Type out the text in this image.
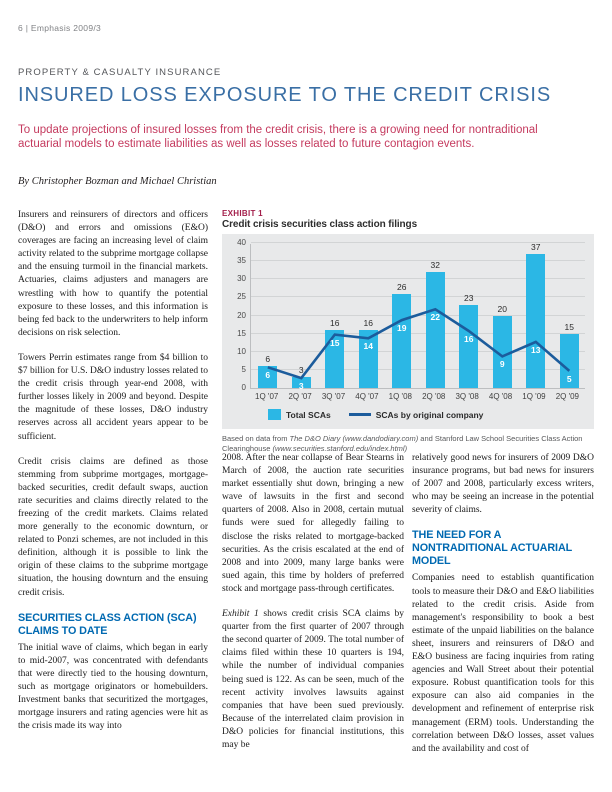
6 | Emphasis 2009/3
PROPERTY & CASUALTY INSURANCE
INSURED LOSS EXPOSURE TO THE CREDIT CRISIS
To update projections of insured losses from the credit crisis, there is a growing need for nontraditional actuarial models to estimate liabilities as well as losses related to future contagion events.
By Christopher Bozman and Michael Christian

Insurers and reinsurers of directors and officers (D&O) and errors and omissions (E&O) coverages are facing an increasing level of claim activity related to the subprime mortgage collapse and the ensuing turmoil in the financial markets. Actuaries, claims adjusters and managers are wrestling with how to quantify the potential exposure to these losses, and this information is being fed back to the underwriters to help inform decisions on risk selection.

Towers Perrin estimates range from $4 billion to $7 billion for U.S. D&O industry losses related to the credit crisis through year-end 2008, with further losses likely in 2009 and beyond. Despite the magnitude of these losses, D&O industry reserves across all accident years appear to be sufficient.

Credit crisis claims are defined as those stemming from subprime mortgages, mortgage-backed securities, credit default swaps, auction rate securities and claims directly related to the freezing of the credit markets. Claims related more generally to the economic downturn, or related to Ponzi schemes, are not included in this definition, although it is possible to link the origin of these claims to the subprime mortgage situation, the housing downturn and the ensuing credit crisis.

SECURITIES CLASS ACTION (SCA) CLAIMS TO DATE

The initial wave of claims, which began in early to mid-2007, was concentrated with defendants that were directly tied to the housing downturn, such as mortgage originators or homebuilders. Investment banks that securitized the mortgages, mortgage insurers and rating agencies were hit as the crisis made its way into

EXHIBIT 1
Credit crisis securities class action filings
0
5
10
15
20
25
30
35
40
6
6
3
3
16
15
16
14
26
19
32
22
23
16
20
9
37
13
15
5
1Q '07	2Q '07	3Q '07	4Q '07	1Q '08	2Q '08	3Q '08	4Q '08	1Q '09	2Q '09
Total SCAs	SCAs by original company
Based on data from The D&O Diary (www.dandodiary.com) and Stanford Law School Securities Class Action Clearinghouse (www.securities.stanford.edu/index.html)

2008. After the near collapse of Bear Stearns in March of 2008, the auction rate securities market essentially shut down, bringing a new wave of lawsuits in the first and second quarters of 2008. Also in 2008, certain mutual funds were sued for allegedly failing to disclose the risks related to mortgage-backed securities. As the crisis escalated at the end of 2008 and into 2009, many large banks were sued again, this time by holders of preferred stock and mortgage pass-through certificates.

Exhibit 1 shows credit crisis SCA claims by quarter from the first quarter of 2007 through the second quarter of 2009. The total number of claims filed within these 10 quarters is 194, while the number of individual companies being sued is 122. As can be seen, much of the recent activity involves lawsuits against companies that have been sued previously. Because of the interrelated claim provision in D&O policies for financial institutions, this may be

relatively good news for insurers of 2009 D&O insurance programs, but bad news for insurers of 2007 and 2008, particularly excess writers, who may be seeing an increase in the potential severity of claims.

THE NEED FOR A NONTRADITIONAL ACTUARIAL MODEL

Companies need to establish quantification tools to measure their D&O and E&O liabilities related to the credit crisis. Aside from management's responsibility to book a best estimate of the unpaid liabilities on the balance sheet, insurers and reinsurers of D&O and E&O business are facing inquiries from rating agencies and Wall Street about their potential exposure. Robust quantification tools for this exposure can also aid companies in the development and refinement of enterprise risk management (ERM) tools. Understanding the correlation between D&O losses, asset values and the availability and cost of
